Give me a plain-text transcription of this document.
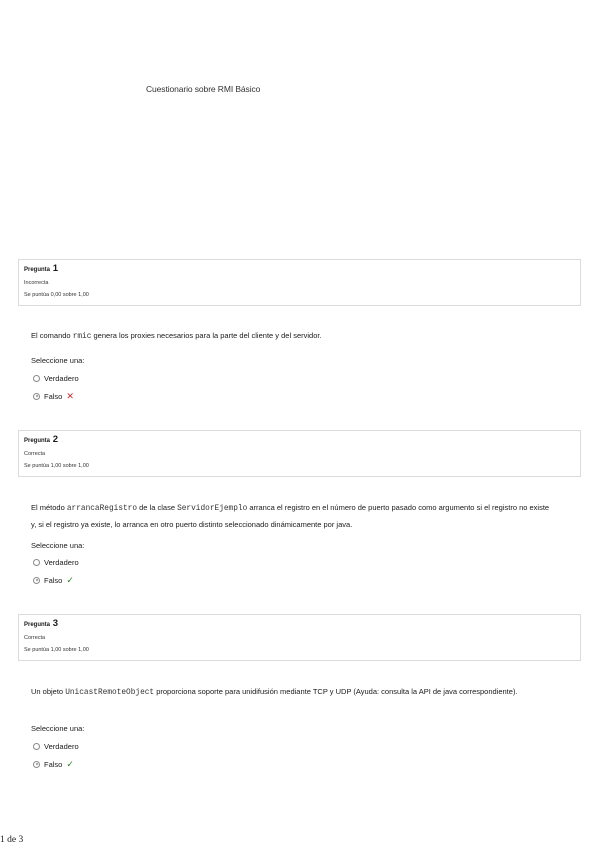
Cuestionario sobre RMI Básico
Pregunta 1
Incorrecta
Se puntúa 0,00 sobre 1,00
El comando rmic genera los proxies necesarios para la parte del cliente y del servidor.
Seleccione una:
Verdadero
Falso ✕
Pregunta 2
Correcta
Se puntúa 1,00 sobre 1,00
El método arrancaRegistro de la clase ServidorEjemplo arranca el registro en el número de puerto pasado como argumento si el registro no existe y, si el registro ya existe, lo arranca en otro puerto distinto seleccionado dinámicamente por java.
Seleccione una:
Verdadero
Falso ✓
Pregunta 3
Correcta
Se puntúa 1,00 sobre 1,00
Un objeto UnicastRemoteObject proporciona soporte para unidifusión mediante TCP y UDP (Ayuda: consulta la API de java correspondiente).
Seleccione una:
Verdadero
Falso ✓
1 de 3
